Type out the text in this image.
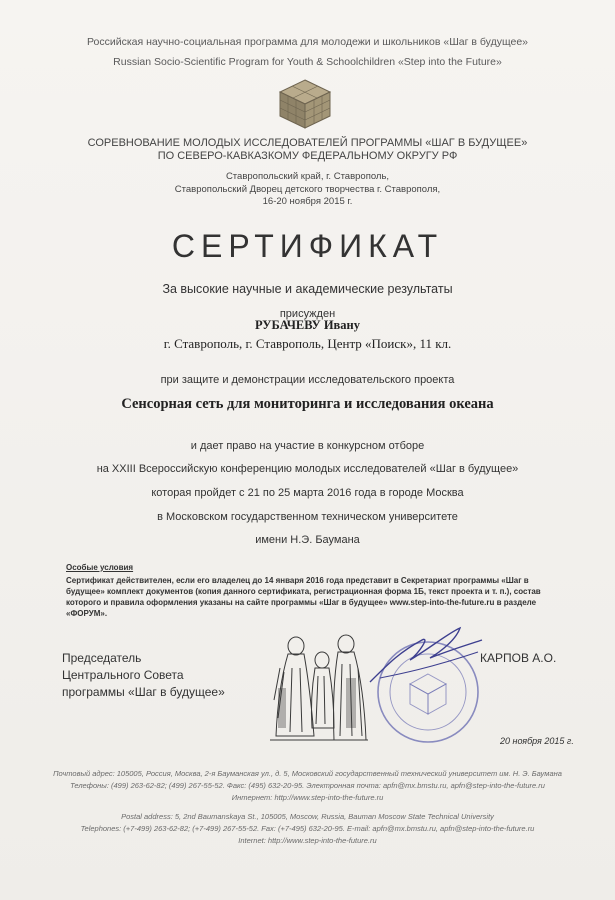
Российская научно-социальная программа для молодежи и школьников «Шаг в будущее»
Russian Socio-Scientific Program for Youth & Schoolchildren «Step into the Future»
СОРЕВНОВАНИЕ МОЛОДЫХ ИССЛЕДОВАТЕЛЕЙ ПРОГРАММЫ «ШАГ В БУДУЩЕЕ»
ПО СЕВЕРО-КАВКАЗКОМУ ФЕДЕРАЛЬНОМУ ОКРУГУ РФ
Ставропольский край, г. Ставрополь,
Ставропольский Дворец детского творчества г. Ставрополя,
16-20 ноября 2015 г.
СЕРТИФИКАТ
За высокие научные и академические результаты
присужден
РУБАЧЕВУ Ивану
г. Ставрополь, г. Ставрополь, Центр «Поиск», 11 кл.
при защите и демонстрации исследовательского проекта
Сенсорная сеть для мониторинга и исследования океана
и дает право на участие в конкурсном отборе
на XXIII Всероссийскую конференцию молодых исследователей «Шаг в будущее»
которая пройдет с 21 по 25 марта 2016 года в городе Москва
в Московском государственном техническом университете
имени Н.Э. Баумана
Особые условия
Сертификат действителен, если его владелец до 14 января 2016 года представит в Секретариат программы «Шаг в будущее» комплект документов (копия данного сертификата, регистрационная форма 1Б, текст проекта и т. п.), состав которого и правила оформления указаны на сайте программы «Шаг в будущее» www.step-into-the-future.ru в разделе «ФОРУМ».
Председатель
Центрального Совета
программы «Шаг в будущее»
КАРПОВ А.О.
20 ноября 2015 г.
Почтовый адрес: 105005, Россия, Москва, 2-я Бауманская ул., д. 5, Московский государственный технический университет им. Н. Э. Баумана
Телефоны: (499) 263-62-82; (499) 267-55-52. Факс: (495) 632-20-95. Электронная почта: apfn@mx.bmstu.ru, apfn@step-into-the-future.ru
Интернет: http://www.step-into-the-future.ru
Postal address: 5, 2nd Baumanskaya St., 105005, Moscow, Russia, Bauman Moscow State Technical University
Telephones: (+7-499) 263-62-82; (+7-499) 267-55-52. Fax: (+7-495) 632-20-95. E-mail: apfn@mx.bmstu.ru, apfn@step-into-the-future.ru
Internet: http://www.step-into-the-future.ru
